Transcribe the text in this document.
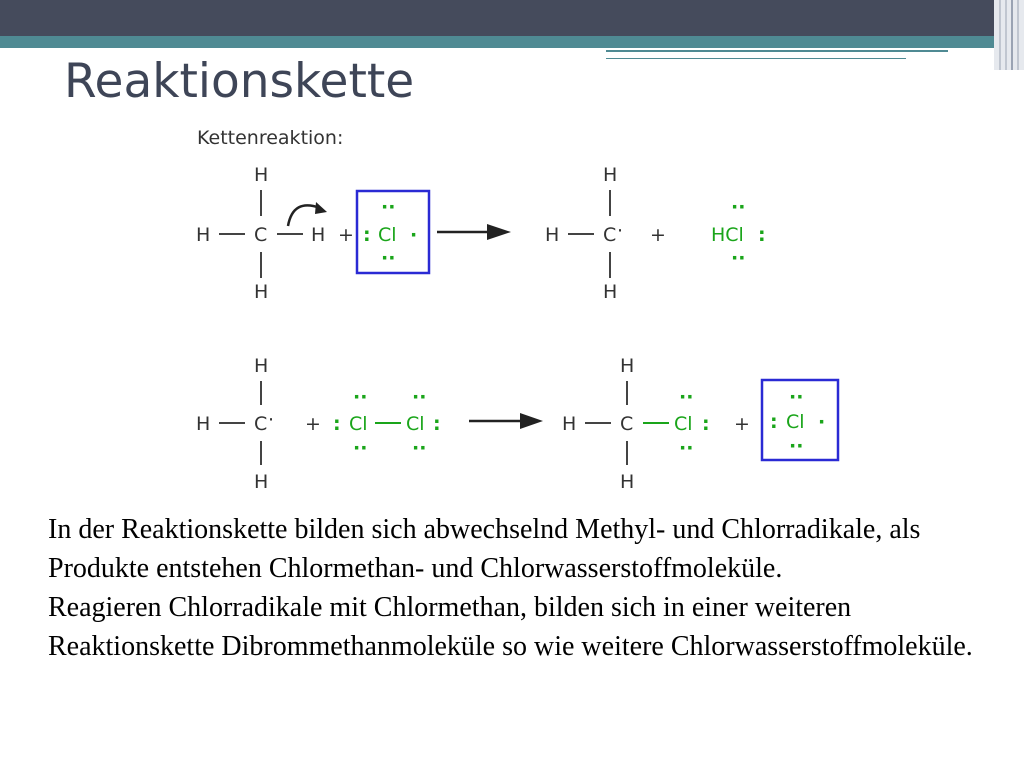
Reaktionskette
Kettenreaktion:
H
H C H
H
+
··
: Cl ·
··
H
H C ·
H
+
··
HCl :
··
H
H C ·
H
+
··
: Cl
··
··
Cl :
··
H
H C
··
Cl :
··
H
+
··
: Cl ·
··

In der Reaktionskette bilden sich abwechselnd Methyl- und Chlorradikale, als Produkte entstehen Chlormethan- und Chlorwasserstoffmoleküle.

Reagieren Chlorradikale mit Chlormethan, bilden sich in einer weiteren Reaktionskette Dibrommethanmoleküle so wie weitere Chlorwasserstoffmoleküle.
